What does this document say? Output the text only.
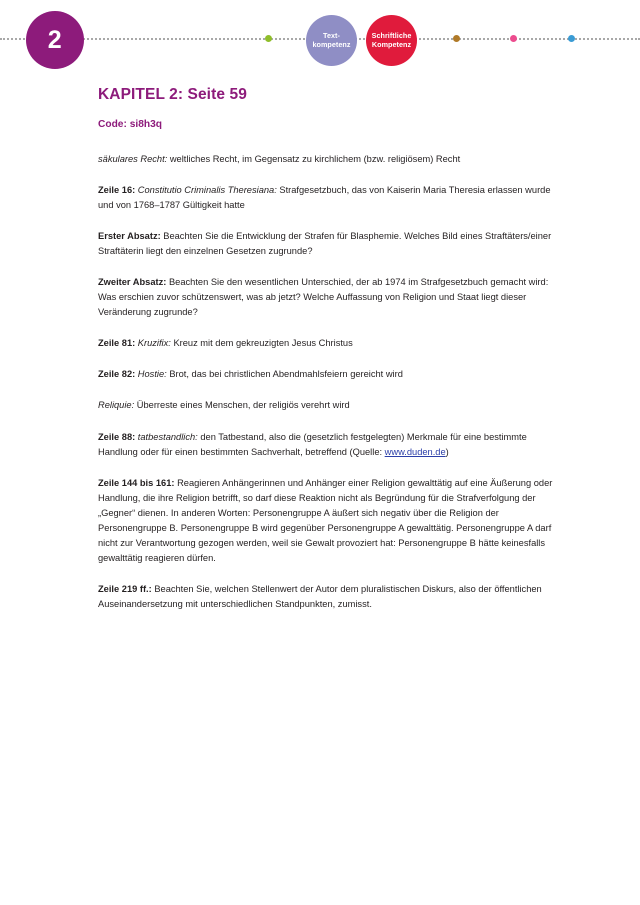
2	Text-
kompetenz
Schriftliche
Kompetenz
KAPITEL 2: Seite 59
Code: si8h3q

säkulares Recht: weltliches Recht, im Gegensatz zu kirchlichem (bzw. religiösem) Recht

Zeile 16: Constitutio Criminalis Theresiana: Strafgesetzbuch, das von Kaiserin Maria Theresia erlassen wurde und von 1768–1787 Gültigkeit hatte

Erster Absatz: Beachten Sie die Entwicklung der Strafen für Blasphemie. Welches Bild eines Straftäters/einer Straftäterin liegt den einzelnen Gesetzen zugrunde?

Zweiter Absatz: Beachten Sie den wesentlichen Unterschied, der ab 1974 im Strafgesetzbuch gemacht wird: Was erschien zuvor schützenswert, was ab jetzt? Welche Auffassung von Religion und Staat liegt dieser Veränderung zugrunde?

Zeile 81: Kruzifix: Kreuz mit dem gekreuzigten Jesus Christus

Zeile 82: Hostie: Brot, das bei christlichen Abendmahlsfeiern gereicht wird

Reliquie: Überreste eines Menschen, der religiös verehrt wird

Zeile 88: tatbestandlich: den Tatbestand, also die (gesetzlich festgelegten) Merkmale für eine bestimmte Handlung oder für einen bestimmten Sachverhalt, betreffend (Quelle: www.duden.de)

Zeile 144 bis 161: Reagieren Anhängerinnen und Anhänger einer Religion gewalttätig auf eine Äußerung oder Handlung, die ihre Religion betrifft, so darf diese Reaktion nicht als Begründung für die Strafverfolgung der „Gegner“ dienen. In anderen Worten: Personengruppe A äußert sich negativ über die Religion der Personengruppe B. Personengruppe B wird gegenüber Personengruppe A gewalttätig. Personengruppe A darf nicht zur Verantwortung gezogen werden, weil sie Gewalt provoziert hat: Personengruppe B hätte keinesfalls gewalttätig reagieren dürfen.

Zeile 219 ff.: Beachten Sie, welchen Stellenwert der Autor dem pluralistischen Diskurs, also der öffentlichen Auseinandersetzung mit unterschiedlichen Standpunkten, zumisst.
